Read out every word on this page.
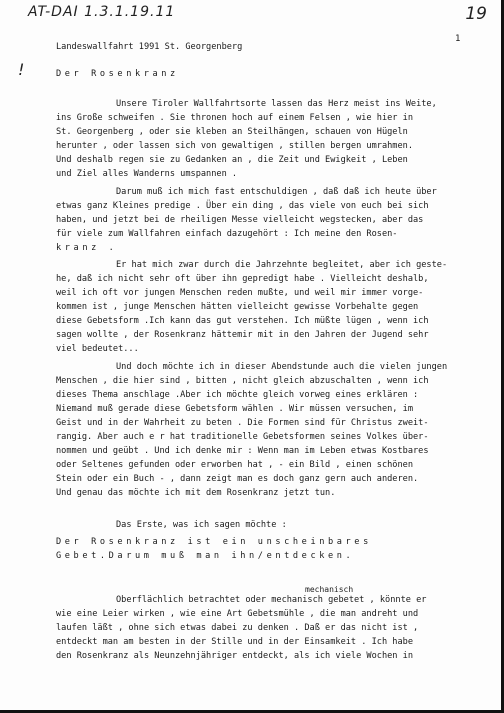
AT-DAI 1.3.1.19.11	19
!
1
Landeswallfahrt 1991 St. Georgenberg
Der Rosenkranz
Unsere Tiroler Wallfahrtsorte lassen das Herz meist ins Weite,
ins Große schweifen . Sie thronen hoch auf einem Felsen , wie hier in
St. Georgenberg , oder sie kleben an Steilhängen, schauen von Hügeln
herunter , oder lassen sich von gewaltigen , stillen bergen umrahmen.
Und deshalb regen sie zu Gedanken an , die Zeit und Ewigkeit , Leben
und Ziel alles Wanderns umspannen .
Darum muß ich mich fast entschuldigen , daß daß ich heute über
etwas ganz Kleines predige . Über ein ding , das viele von euch bei sich
haben, und jetzt bei de rheiligen Messe vielleicht wegstecken, aber das
für viele zum Wallfahren einfach dazugehört : Ich meine den Rosen-
kranz .
Er hat mich zwar durch die Jahrzehnte begleitet, aber ich geste-
he, daß ich nicht sehr oft über ihn gepredigt habe . Vielleicht deshalb,
weil ich oft vor jungen Menschen reden mußte, und weil mir immer vorge-
kommen ist , junge Menschen hätten vielleicht gewisse Vorbehalte gegen
diese Gebetsform .Ich kann das gut verstehen. Ich müßte lügen , wenn ich
sagen wollte , der Rosenkranz hättemir mit in den Jahren der Jugend sehr
viel bedeutet...
Und doch möchte ich in dieser Abendstunde auch die vielen jungen
Menschen , die hier sind , bitten , nicht gleich abzuschalten , wenn ich
dieses Thema anschlage .Aber ich möchte gleich vorweg eines erklären :
Niemand muß gerade diese Gebetsform wählen . Wir müssen versuchen, im
Geist und in der Wahrheit zu beten . Die Formen sind für Christus zweit-
rangig. Aber auch e r hat traditionelle Gebetsformen seines Volkes über-
nommen und geübt . Und ich denke mir : Wenn man im Leben etwas Kostbares
oder Seltenes gefunden oder erworben hat , - ein Bild , einen schönen
Stein oder ein Buch - , dann zeigt man es doch ganz gern auch anderen.
Und genau das möchte ich mit dem Rosenkranz jetzt tun.
Das Erste, was ich sagen möchte :
Der Rosenkranz ist ein unscheinbares
Gebet.Darum muß man ihn/entdecken.
mechanisch
Oberflächlich betrachtet oder mechanisch gebetet , könnte er
wie eine Leier wirken , wie eine Art Gebetsmühle , die man andreht und
laufen läßt , ohne sich etwas dabei zu denken . Daß er das nicht ist ,
entdeckt man am besten in der Stille und in der Einsamkeit . Ich habe
den Rosenkranz als Neunzehnjähriger entdeckt, als ich viele Wochen in
